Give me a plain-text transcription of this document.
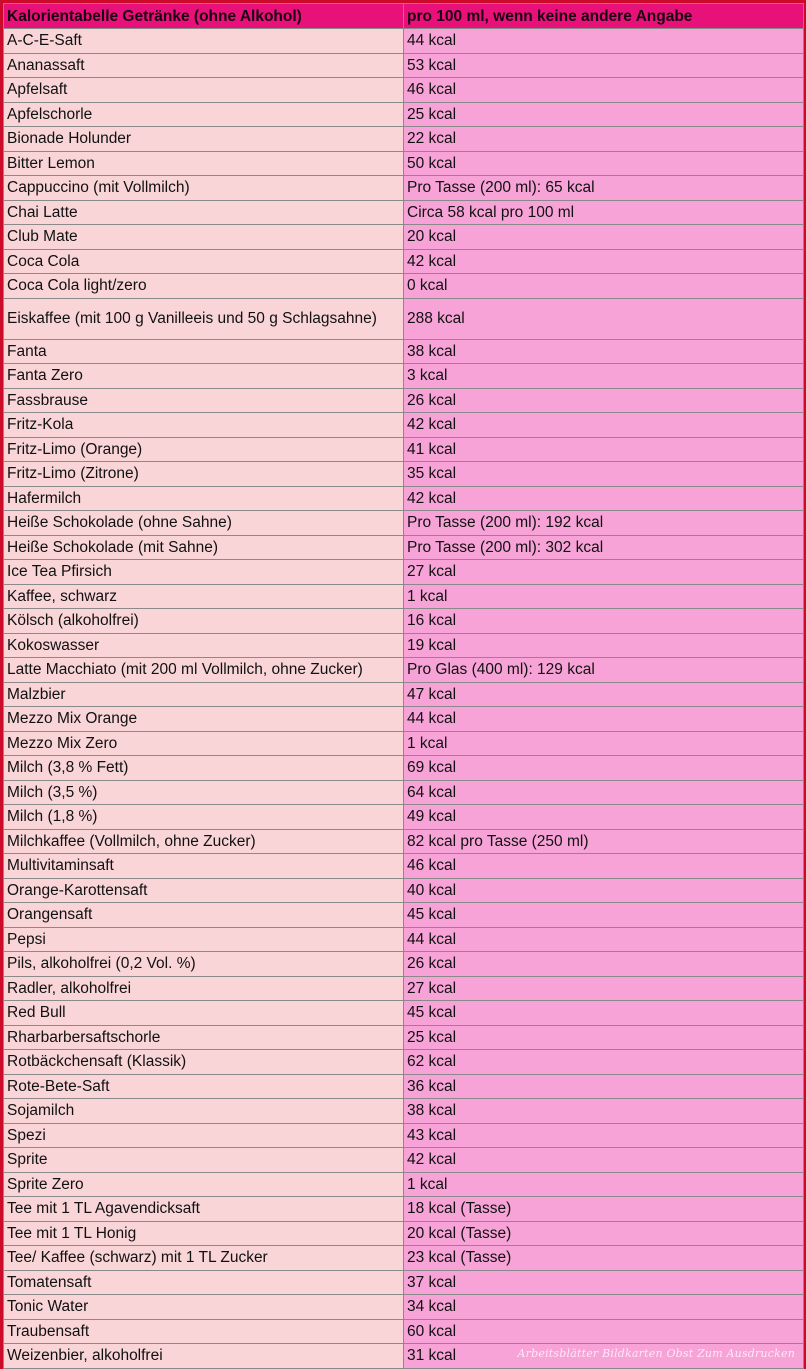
Kalorientabelle Getränke (ohne Alkohol)	pro 100 ml, wenn keine andere Angabe
A-C-E-Saft	44 kcal
Ananassaft	53 kcal
Apfelsaft	46 kcal
Apfelschorle	25 kcal
Bionade Holunder	22 kcal
Bitter Lemon	50 kcal
Cappuccino (mit Vollmilch)	Pro Tasse (200 ml): 65 kcal
Chai Latte	Circa 58 kcal pro 100 ml
Club Mate	20 kcal
Coca Cola	42 kcal
Coca Cola light/zero	0 kcal
Eiskaffee (mit 100 g Vanilleeis und 50 g Schlagsahne)	288 kcal
Fanta	38 kcal
Fanta Zero	3 kcal
Fassbrause	26 kcal
Fritz-Kola	42 kcal
Fritz-Limo (Orange)	41 kcal
Fritz-Limo (Zitrone)	35 kcal
Hafermilch	42 kcal
Heiße Schokolade (ohne Sahne)	Pro Tasse (200 ml): 192 kcal
Heiße Schokolade (mit Sahne)	Pro Tasse (200 ml): 302 kcal
Ice Tea Pfirsich	27 kcal
Kaffee, schwarz	1 kcal
Kölsch (alkoholfrei)	16 kcal
Kokoswasser	19 kcal
Latte Macchiato (mit 200 ml Vollmilch, ohne Zucker)	Pro Glas (400 ml): 129 kcal
Malzbier	47 kcal
Mezzo Mix Orange	44 kcal
Mezzo Mix Zero	1 kcal
Milch (3,8 % Fett)	69 kcal
Milch (3,5 %)	64 kcal
Milch (1,8 %)	49 kcal
Milchkaffee (Vollmilch, ohne Zucker)	82 kcal pro Tasse (250 ml)
Multivitaminsaft	46 kcal
Orange-Karottensaft	40 kcal
Orangensaft	45 kcal
Pepsi	44 kcal
Pils, alkoholfrei (0,2 Vol. %)	26 kcal
Radler, alkoholfrei	27 kcal
Red Bull	45 kcal
Rharbarbersaftschorle	25 kcal
Rotbäckchensaft (Klassik)	62 kcal
Rote-Bete-Saft	36 kcal
Sojamilch	38 kcal
Spezi	43 kcal
Sprite	42 kcal
Sprite Zero	1 kcal
Tee mit 1 TL Agavendicksaft	18 kcal (Tasse)
Tee mit 1 TL Honig	20 kcal (Tasse)
Tee/ Kaffee (schwarz) mit 1 TL Zucker	23 kcal (Tasse)
Tomatensaft	37 kcal
Tonic Water	34 kcal
Traubensaft	60 kcal
Weizenbier, alkoholfrei	31 kcal	Arbeitsblätter Bildkarten Obst Zum Ausdrucken
